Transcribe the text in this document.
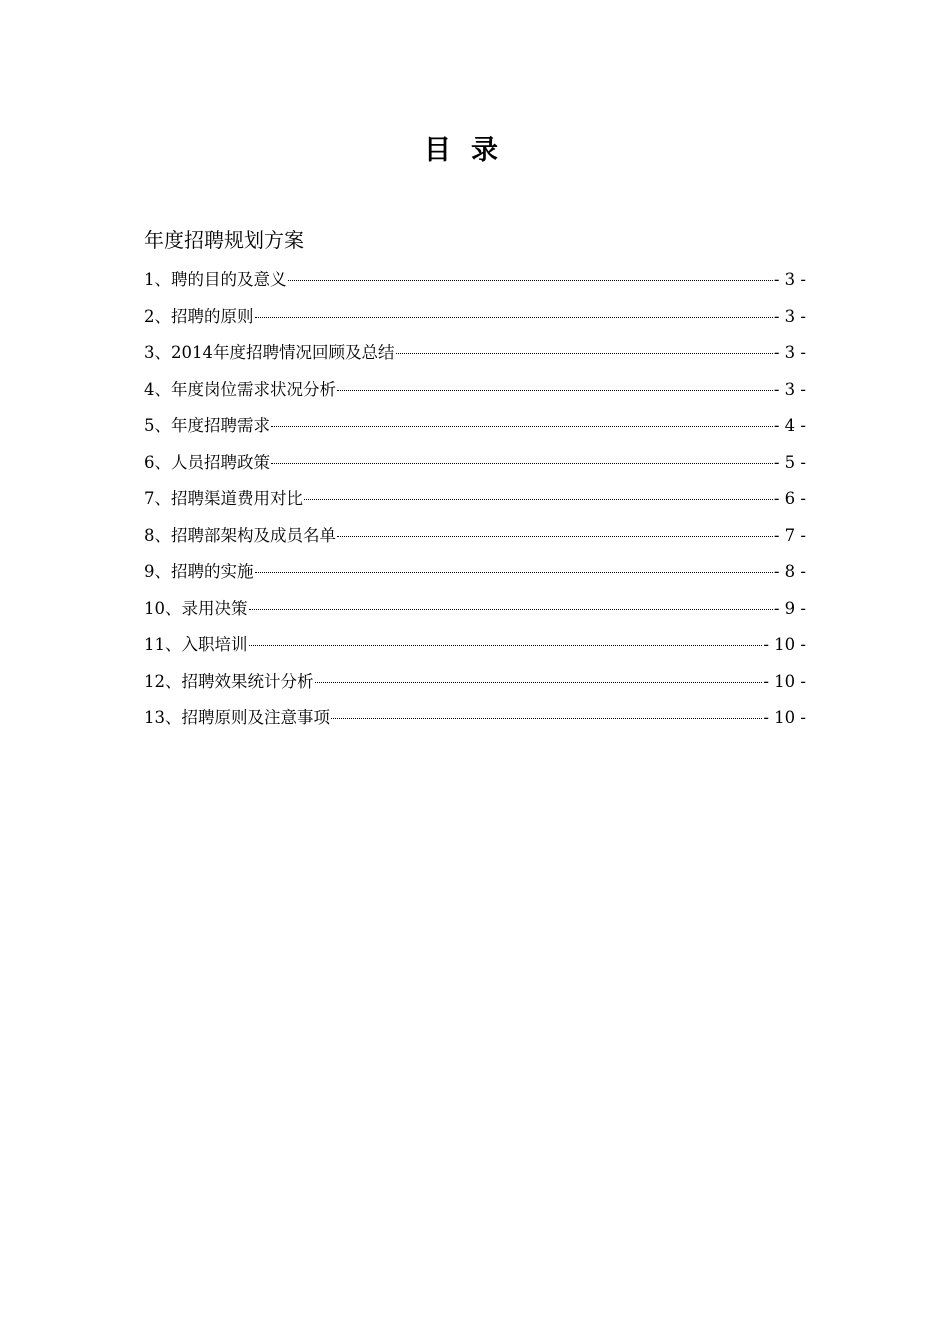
目录
年度招聘规划方案
1、聘的目的及意义	- 3 -
2、招聘的原则	- 3 -
3、2014年度招聘情况回顾及总结	- 3 -
4、年度岗位需求状况分析	- 3 -
5、年度招聘需求	- 4 -
6、人员招聘政策	- 5 -
7、招聘渠道费用对比	- 6 -
8、招聘部架构及成员名单	- 7 -
9、招聘的实施	- 8 -
10、录用决策	- 9 -
11、入职培训	- 10 -
12、招聘效果统计分析	- 10 -
13、招聘原则及注意事项	- 10 -
